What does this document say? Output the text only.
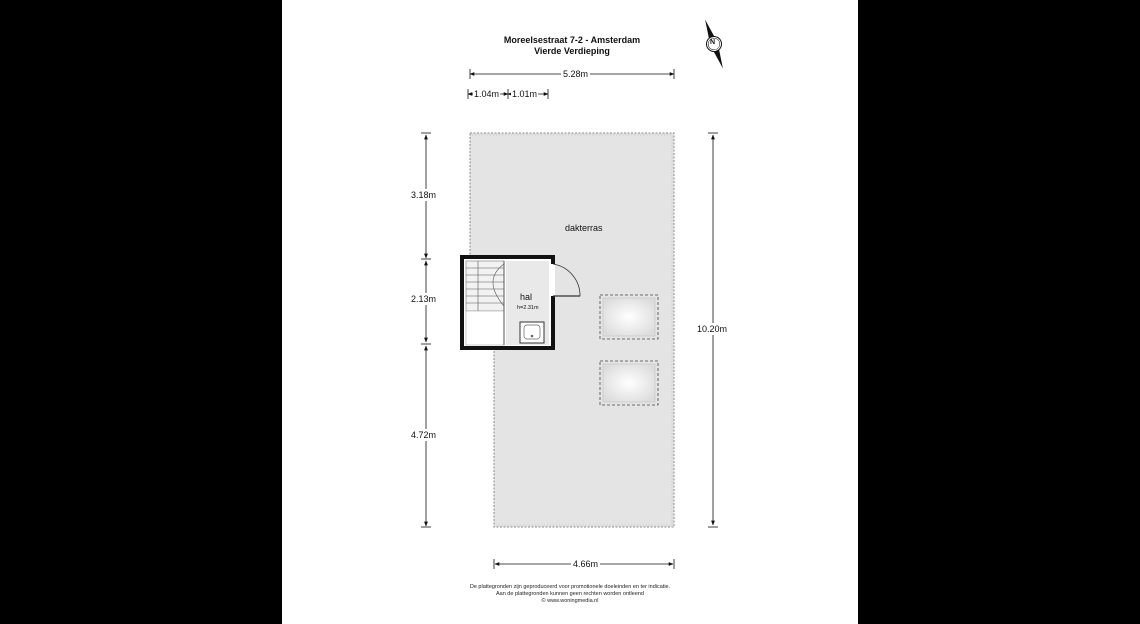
N
Moreelsestraat 7-2 - Amsterdam
Vierde Verdieping
5.28m
1.04m 1.01m
3.18m
2.13m
4.72m
10.20m
4.66m
dakterras
hal
h=2.31m
De plattegronden zijn geproduceerd voor promotionele doeleinden en ter indicatie.
Aan de plattegronden kunnen geen rechten worden ontleend
© www.woningmedia.nl
